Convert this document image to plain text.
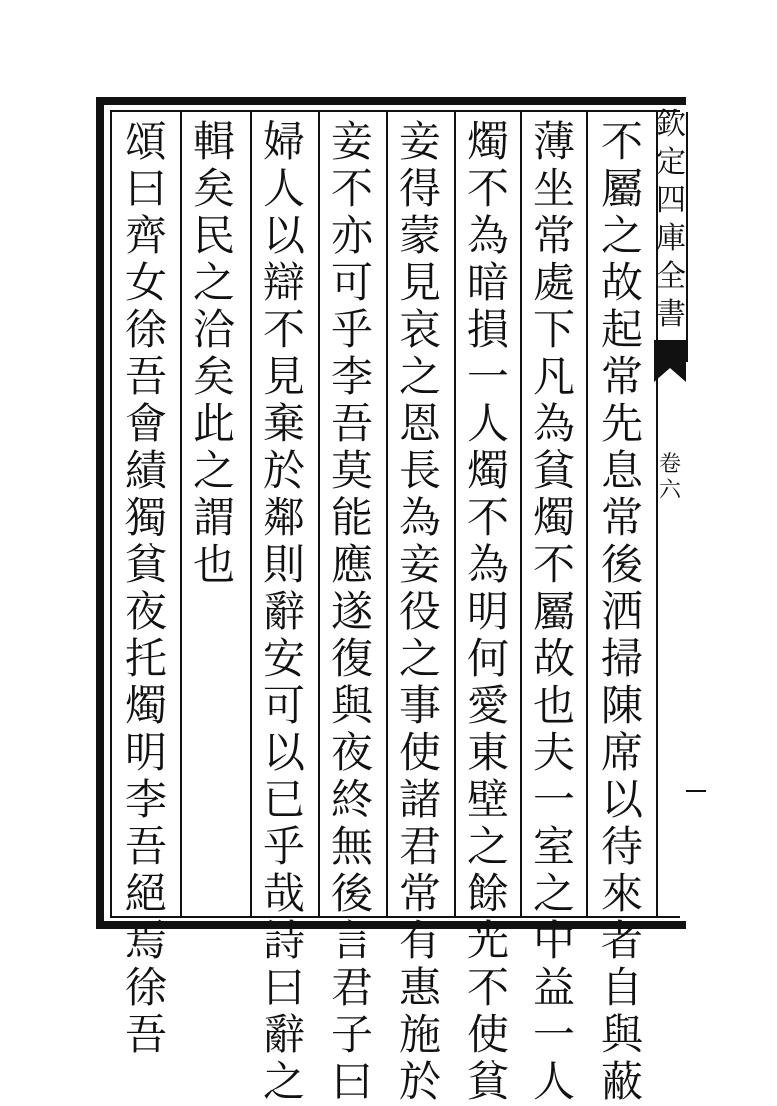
欽
定
四
庫
全
書
卷
六
不
屬
之
故
起
常
先
息
常
後
洒
掃
陳
席
以
待
來
者
自
與
蔽
薄
坐
常
處
下
凡
為
貧
燭
不
屬
故
也
夫
一
室
之
中
益
一
人
燭
不
為
暗
損
一
人
燭
不
為
明
何
愛
東
壁
之
餘
光
不
使
貧
妾
得
蒙
見
哀
之
恩
長
為
妾
役
之
事
使
諸
君
常
有
惠
施
於
妾
不
亦
可
乎
李
吾
莫
能
應
遂
復
與
夜
終
無
後
言
君
子
曰
婦
人
以
辯
不
見
棄
於
鄰
則
辭
安
可
以
已
乎
哉
詩
曰
辭
之
輯
矣
民
之
洽
矣
此
之
謂
也
頌
曰
齊
女
徐
吾
會
績
獨
貧
夜
托
燭
明
李
吾
絕
焉
徐
吾
